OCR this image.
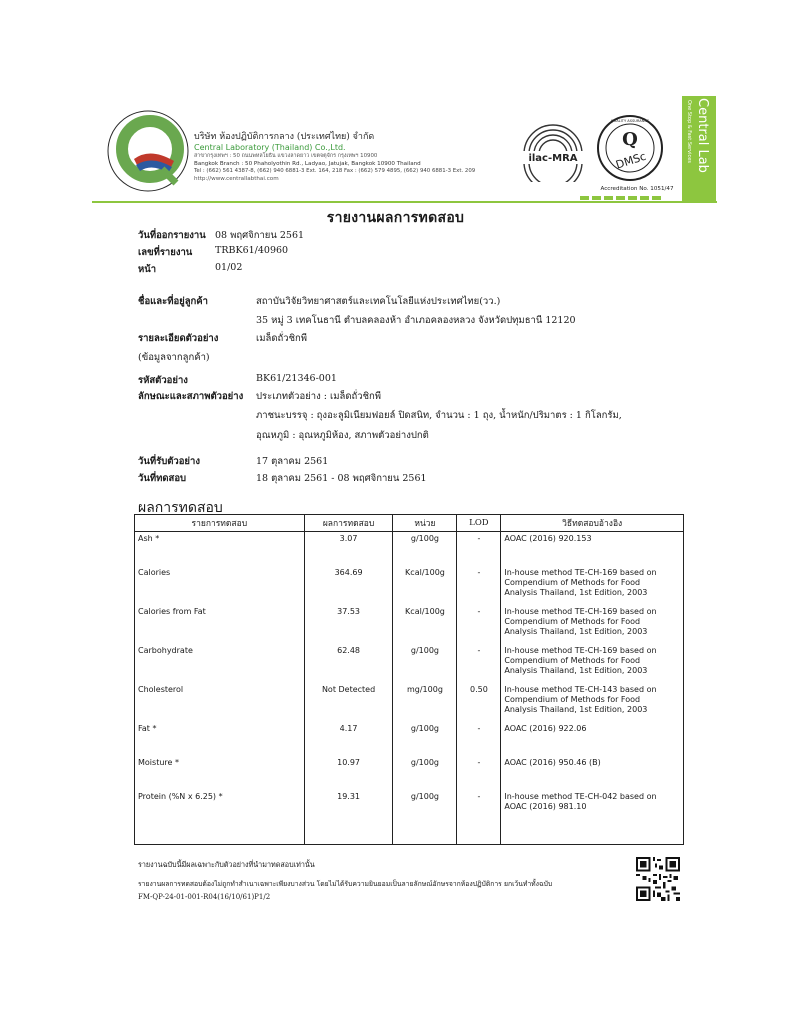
บริษัท ห้องปฏิบัติการกลาง (ประเทศไทย) จำกัด
Central Laboratory (Thailand) Co.,Ltd.
สาขากรุงเทพฯ : 50 ถนนพหลโยธิน แขวงลาดยาว เขตจตุจักร กรุงเทพฯ 10900
Bangkok Branch : 50 Phaholyothin Rd., Ladyao, Jatujak, Bangkok 10900 Thailand
Tel : (662) 561 4387-8, (662) 940 6881-3 Ext. 164, 218 Fax : (662) 579 4895, (662) 940 6881-3 Ext. 209
http://www.centrallabthai.com
ilac-MRA
Q
DMSc
QUALITY ASSURANCE
Accreditation No. 1051/47
Central Lab
One Stop & Fast Services
รายงานผลการทดสอบ
วันที่ออกรายงาน 08 พฤศจิกายน 2561
เลขที่รายงาน TRBK61/40960
หน้า	01/02
ชื่อและที่อยู่ลูกค้า	สถาบันวิจัยวิทยาศาสตร์และเทคโนโลยีแห่งประเทศไทย(วว.)
35 หมู่ 3 เทคโนธานี ตำบลคลองห้า อำเภอคลองหลวง จังหวัดปทุมธานี 12120
รายละเอียดตัวอย่าง	เมล็ดถั่วชิกพี
(ข้อมูลจากลูกค้า)
รหัสตัวอย่าง	BK61/21346-001
ลักษณะและสภาพตัวอย่าง ประเภทตัวอย่าง : เมล็ดถั่วชิกพี
ภาชนะบรรจุ : ถุงอะลูมิเนียมฟอยล์ ปิดสนิท, จำนวน : 1 ถุง, น้ำหนัก/ปริมาตร : 1 กิโลกรัม,
อุณหภูมิ : อุณหภูมิห้อง, สภาพตัวอย่างปกติ
วันที่รับตัวอย่าง	17 ตุลาคม 2561
วันที่ทดสอบ	18 ตุลาคม 2561 - 08 พฤศจิกายน 2561
ผลการทดสอบ
รายการทดสอบ	ผลการทดสอบ	หน่วย	LOD	วิธีทดสอบอ้างอิง
Ash *	3.07	g/100g	-	AOAC (2016) 920.153

Calories	364.69	Kcal/100g	-	In-house method TE-CH-169 based on
Compendium of Methods for Food
Analysis Thailand, 1st Edition, 2003

Calories from Fat	37.53	Kcal/100g	-	In-house method TE-CH-169 based on
Compendium of Methods for Food
Analysis Thailand, 1st Edition, 2003

Carbohydrate	62.48	g/100g	-	In-house method TE-CH-169 based on
Compendium of Methods for Food
Analysis Thailand, 1st Edition, 2003

Cholesterol	Not Detected	mg/100g	0.50	In-house method TE-CH-143 based on
Compendium of Methods for Food
Analysis Thailand, 1st Edition, 2003

Fat *	4.17	g/100g	-	AOAC (2016) 922.06

Moisture *	10.97	g/100g	-	AOAC (2016) 950.46 (B)

Protein (%N x 6.25) *	19.31	g/100g	-	In-house method TE-CH-042 based on
AOAC (2016) 981.10
รายงานฉบับนี้มีผลเฉพาะกับตัวอย่างที่นำมาทดสอบเท่านั้น
รายงานผลการทดสอบต้องไม่ถูกทำสำเนาเฉพาะเพียงบางส่วน โดยไม่ได้รับความยินยอมเป็นลายลักษณ์อักษรจากห้องปฏิบัติการ ยกเว้นทำทั้งฉบับ
FM-QP-24-01-001-R04(16/10/61)P1/2
